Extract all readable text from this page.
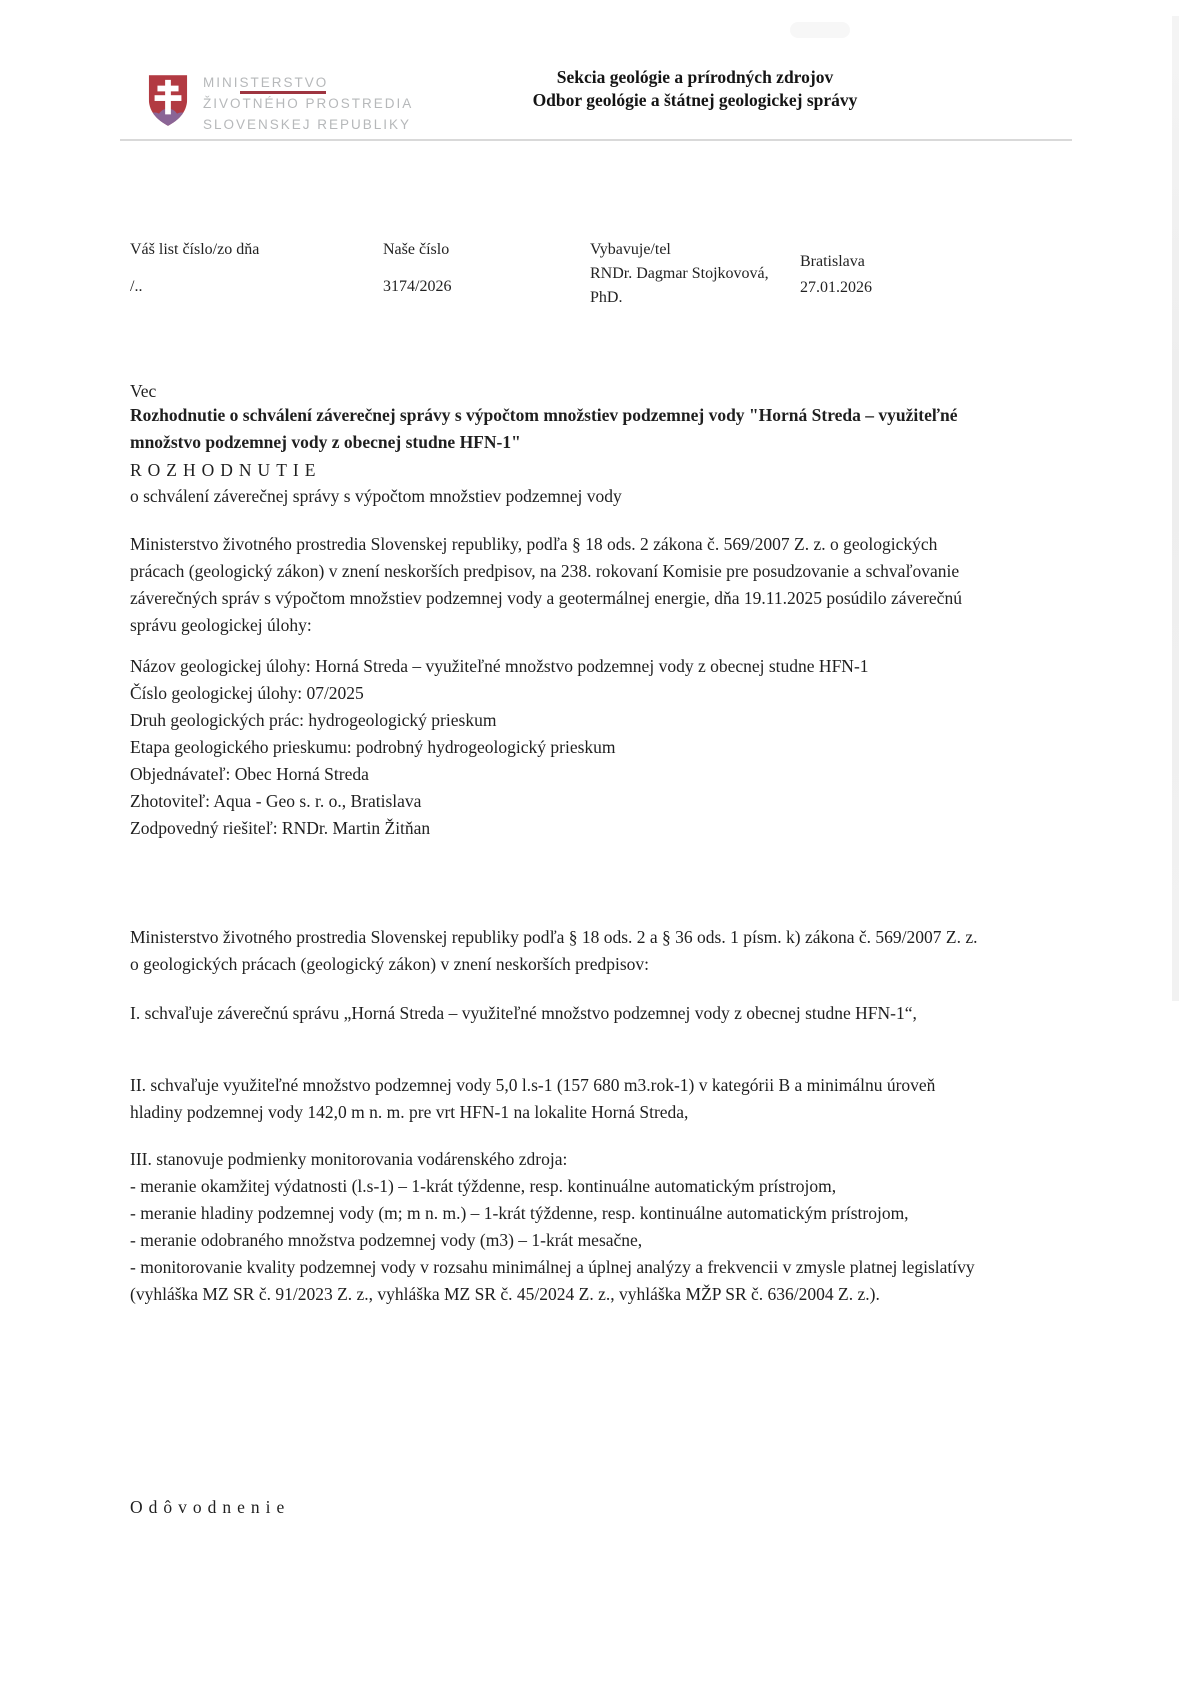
MINISTERSTVO
ŽIVOTNÉHO PROSTREDIA
SLOVENSKEJ REPUBLIKY
Sekcia geológie a prírodných zdrojov
Odbor geológie a štátnej geologickej správy
Váš list číslo/zo dňa
/..
Naše číslo
3174/2026
Vybavuje/tel
RNDr. Dagmar Stojkovová,
PhD.
Bratislava
27.01.2026
Vec
Rozhodnutie o schválení záverečnej správy s výpočtom množstiev podzemnej vody "Horná Streda – využiteľné množstvo podzemnej vody z obecnej studne HFN-1"
ROZHODNUTIE
o schválení záverečnej správy s výpočtom množstiev podzemnej vody
Ministerstvo životného prostredia Slovenskej republiky, podľa § 18 ods. 2 zákona č. 569/2007 Z. z. o geologických prácach (geologický zákon) v znení neskorších predpisov, na 238. rokovaní Komisie pre posudzovanie a schvaľovanie záverečných správ s výpočtom množstiev podzemnej vody a geotermálnej energie, dňa 19.11.2025 posúdilo záverečnú správu geologickej úlohy:
Názov geologickej úlohy: Horná Streda – využiteľné množstvo podzemnej vody z obecnej studne HFN-1
Číslo geologickej úlohy: 07/2025
Druh geologických prác: hydrogeologický prieskum
Etapa geologického prieskumu: podrobný hydrogeologický prieskum
Objednávateľ: Obec Horná Streda
Zhotoviteľ: Aqua - Geo s. r. o., Bratislava
Zodpovedný riešiteľ: RNDr. Martin Žitňan
Ministerstvo životného prostredia Slovenskej republiky podľa § 18 ods. 2 a § 36 ods. 1 písm. k) zákona č. 569/2007 Z. z. o geologických prácach (geologický zákon) v znení neskorších predpisov:
I. schvaľuje záverečnú správu „Horná Streda – využiteľné množstvo podzemnej vody z obecnej studne HFN-1“,
II. schvaľuje využiteľné množstvo podzemnej vody 5,0 l.s-1 (157 680 m3.rok-1) v kategórii B a minimálnu úroveň hladiny podzemnej vody 142,0 m n. m. pre vrt HFN-1 na lokalite Horná Streda,
III. stanovuje podmienky monitorovania vodárenského zdroja:
- meranie okamžitej výdatnosti (l.s-1) – 1-krát týždenne, resp. kontinuálne automatickým prístrojom,
- meranie hladiny podzemnej vody (m; m n. m.) – 1-krát týždenne, resp. kontinuálne automatickým prístrojom,
- meranie odobraného množstva podzemnej vody (m3) – 1-krát mesačne,
- monitorovanie kvality podzemnej vody v rozsahu minimálnej a úplnej analýzy a frekvencii v zmysle platnej legislatívy (vyhláška MZ SR č. 91/2023 Z. z., vyhláška MZ SR č. 45/2024 Z. z., vyhláška MŽP SR č. 636/2004 Z. z.).
Odôvodnenie
